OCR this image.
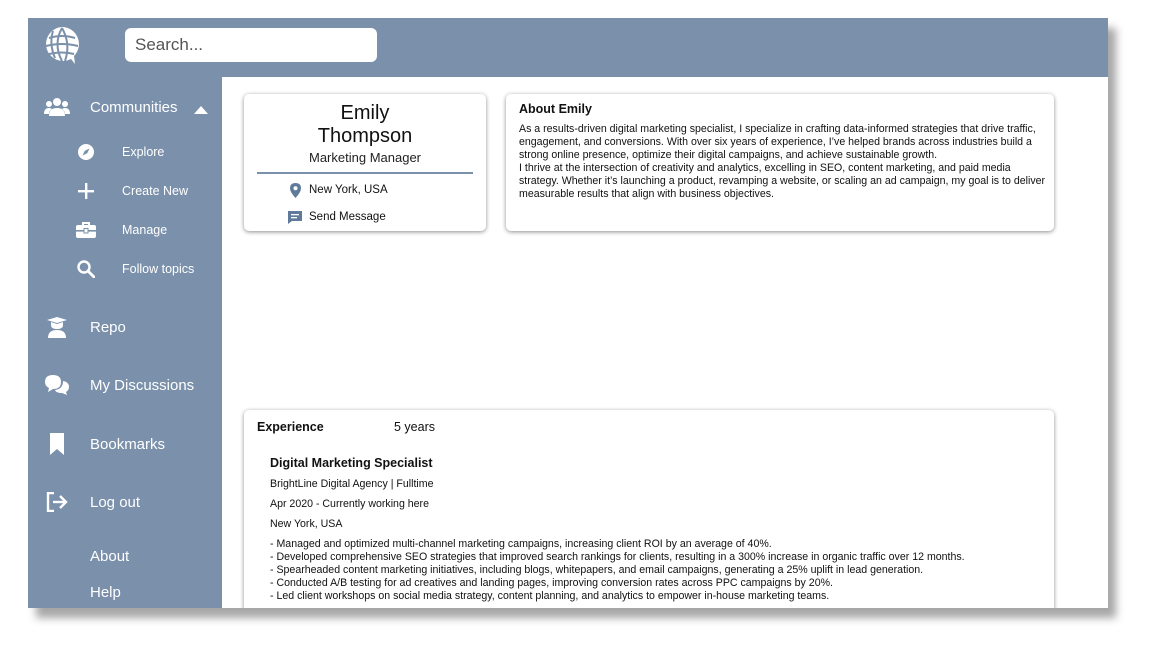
Search...
Communities
Explore
Create New
Manage
Follow topics
Repo
My Discussions
Bookmarks
Log out
About
Help
Emily
Thompson
Marketing Manager
New York, USA
Send Message
About Emily
As a results-driven digital marketing specialist, I specialize in crafting data-informed strategies that drive traffic, engagement, and conversions. With over six years of experience, I’ve helped brands across industries build a strong online presence, optimize their digital campaigns, and achieve sustainable growth.
I thrive at the intersection of creativity and analytics, excelling in SEO, content marketing, and paid media strategy. Whether it’s launching a product, revamping a website, or scaling an ad campaign, my goal is to deliver measurable results that align with business objectives.
Experience	5 years
Digital Marketing Specialist
BrightLine Digital Agency | Fulltime
Apr 2020 - Currently working here
New York, USA
- Managed and optimized multi-channel marketing campaigns, increasing client ROI by an average of 40%.
- Developed comprehensive SEO strategies that improved search rankings for clients, resulting in a 300% increase in organic traffic over 12 months.
- Spearheaded content marketing initiatives, including blogs, whitepapers, and email campaigns, generating a 25% uplift in lead generation.
- Conducted A/B testing for ad creatives and landing pages, improving conversion rates across PPC campaigns by 20%.
- Led client workshops on social media strategy, content planning, and analytics to empower in-house marketing teams.
